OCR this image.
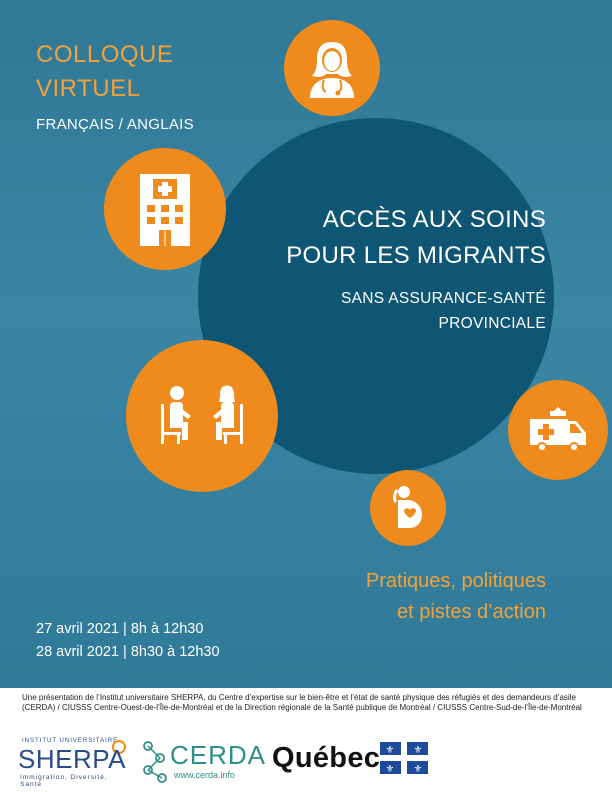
COLLOQUE
VIRTUEL
FRANÇAIS / ANGLAIS
ACCÈS AUX SOINS
POUR LES MIGRANTS
SANS ASSURANCE-SANTÉ
PROVINCIALE
Pratiques, politiques
et pistes d’action
27 avril 2021 | 8h à 12h30
28 avril 2021 | 8h30 à 12h30
Une présentation de l’Institut universitaire SHERPA, du Centre d’expertise sur le bien-être et l’état de santé physique des réfugiés et des demandeurs d’asile (CERDA) / CIUSSS Centre-Ouest-de-l’Île-de-Montréal et de la Direction régionale de la Santé publique de Montréal / CIUSSS Centre-Sud-de-l’Île-de-Montréal
INSTITUT UNIVERSITAIRE
SHERPA
Immigration, Diversité, Santé
CERDA
www.cerda.info
Québec ⚜ ⚜
⚜ ⚜
